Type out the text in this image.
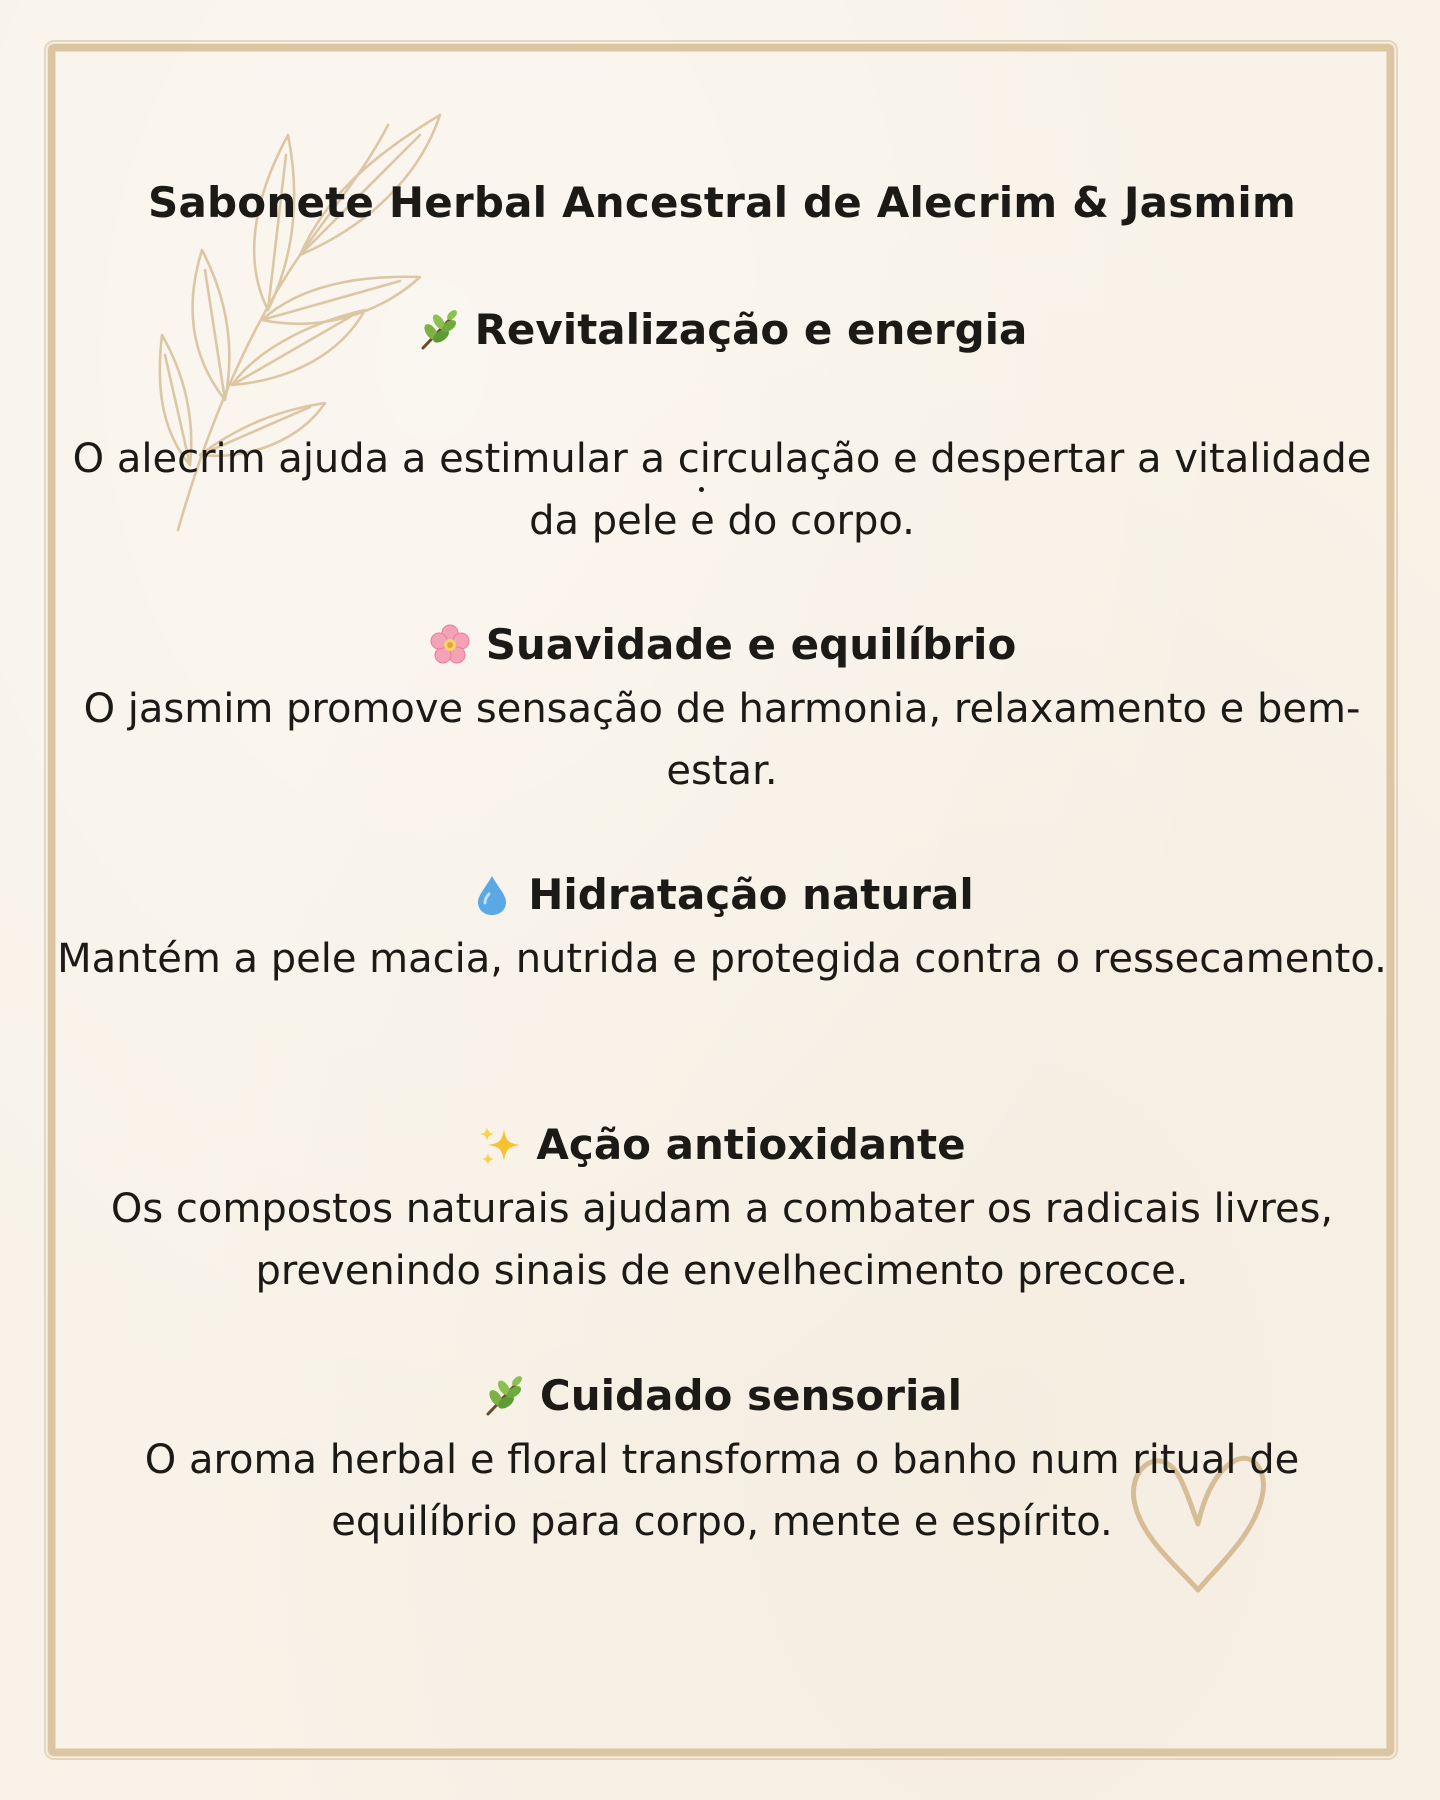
Sabonete Herbal Ancestral de Alecrim & Jasmim
Revitalização e energia

O alecrim ajuda a estimular a circulação e despertar a vitalidade da pele e do corpo.

Suavidade e equilíbrio

O jasmim promove sensação de harmonia, relaxamento e bem-estar.

Hidratação natural

Mantém a pele macia, nutrida e protegida contra o ressecamento.

Ação antioxidante

Os compostos naturais ajudam a combater os radicais livres, prevenindo sinais de envelhecimento precoce.

Cuidado sensorial

O aroma herbal e floral transforma o banho num ritual de equilíbrio para corpo, mente e espírito.
